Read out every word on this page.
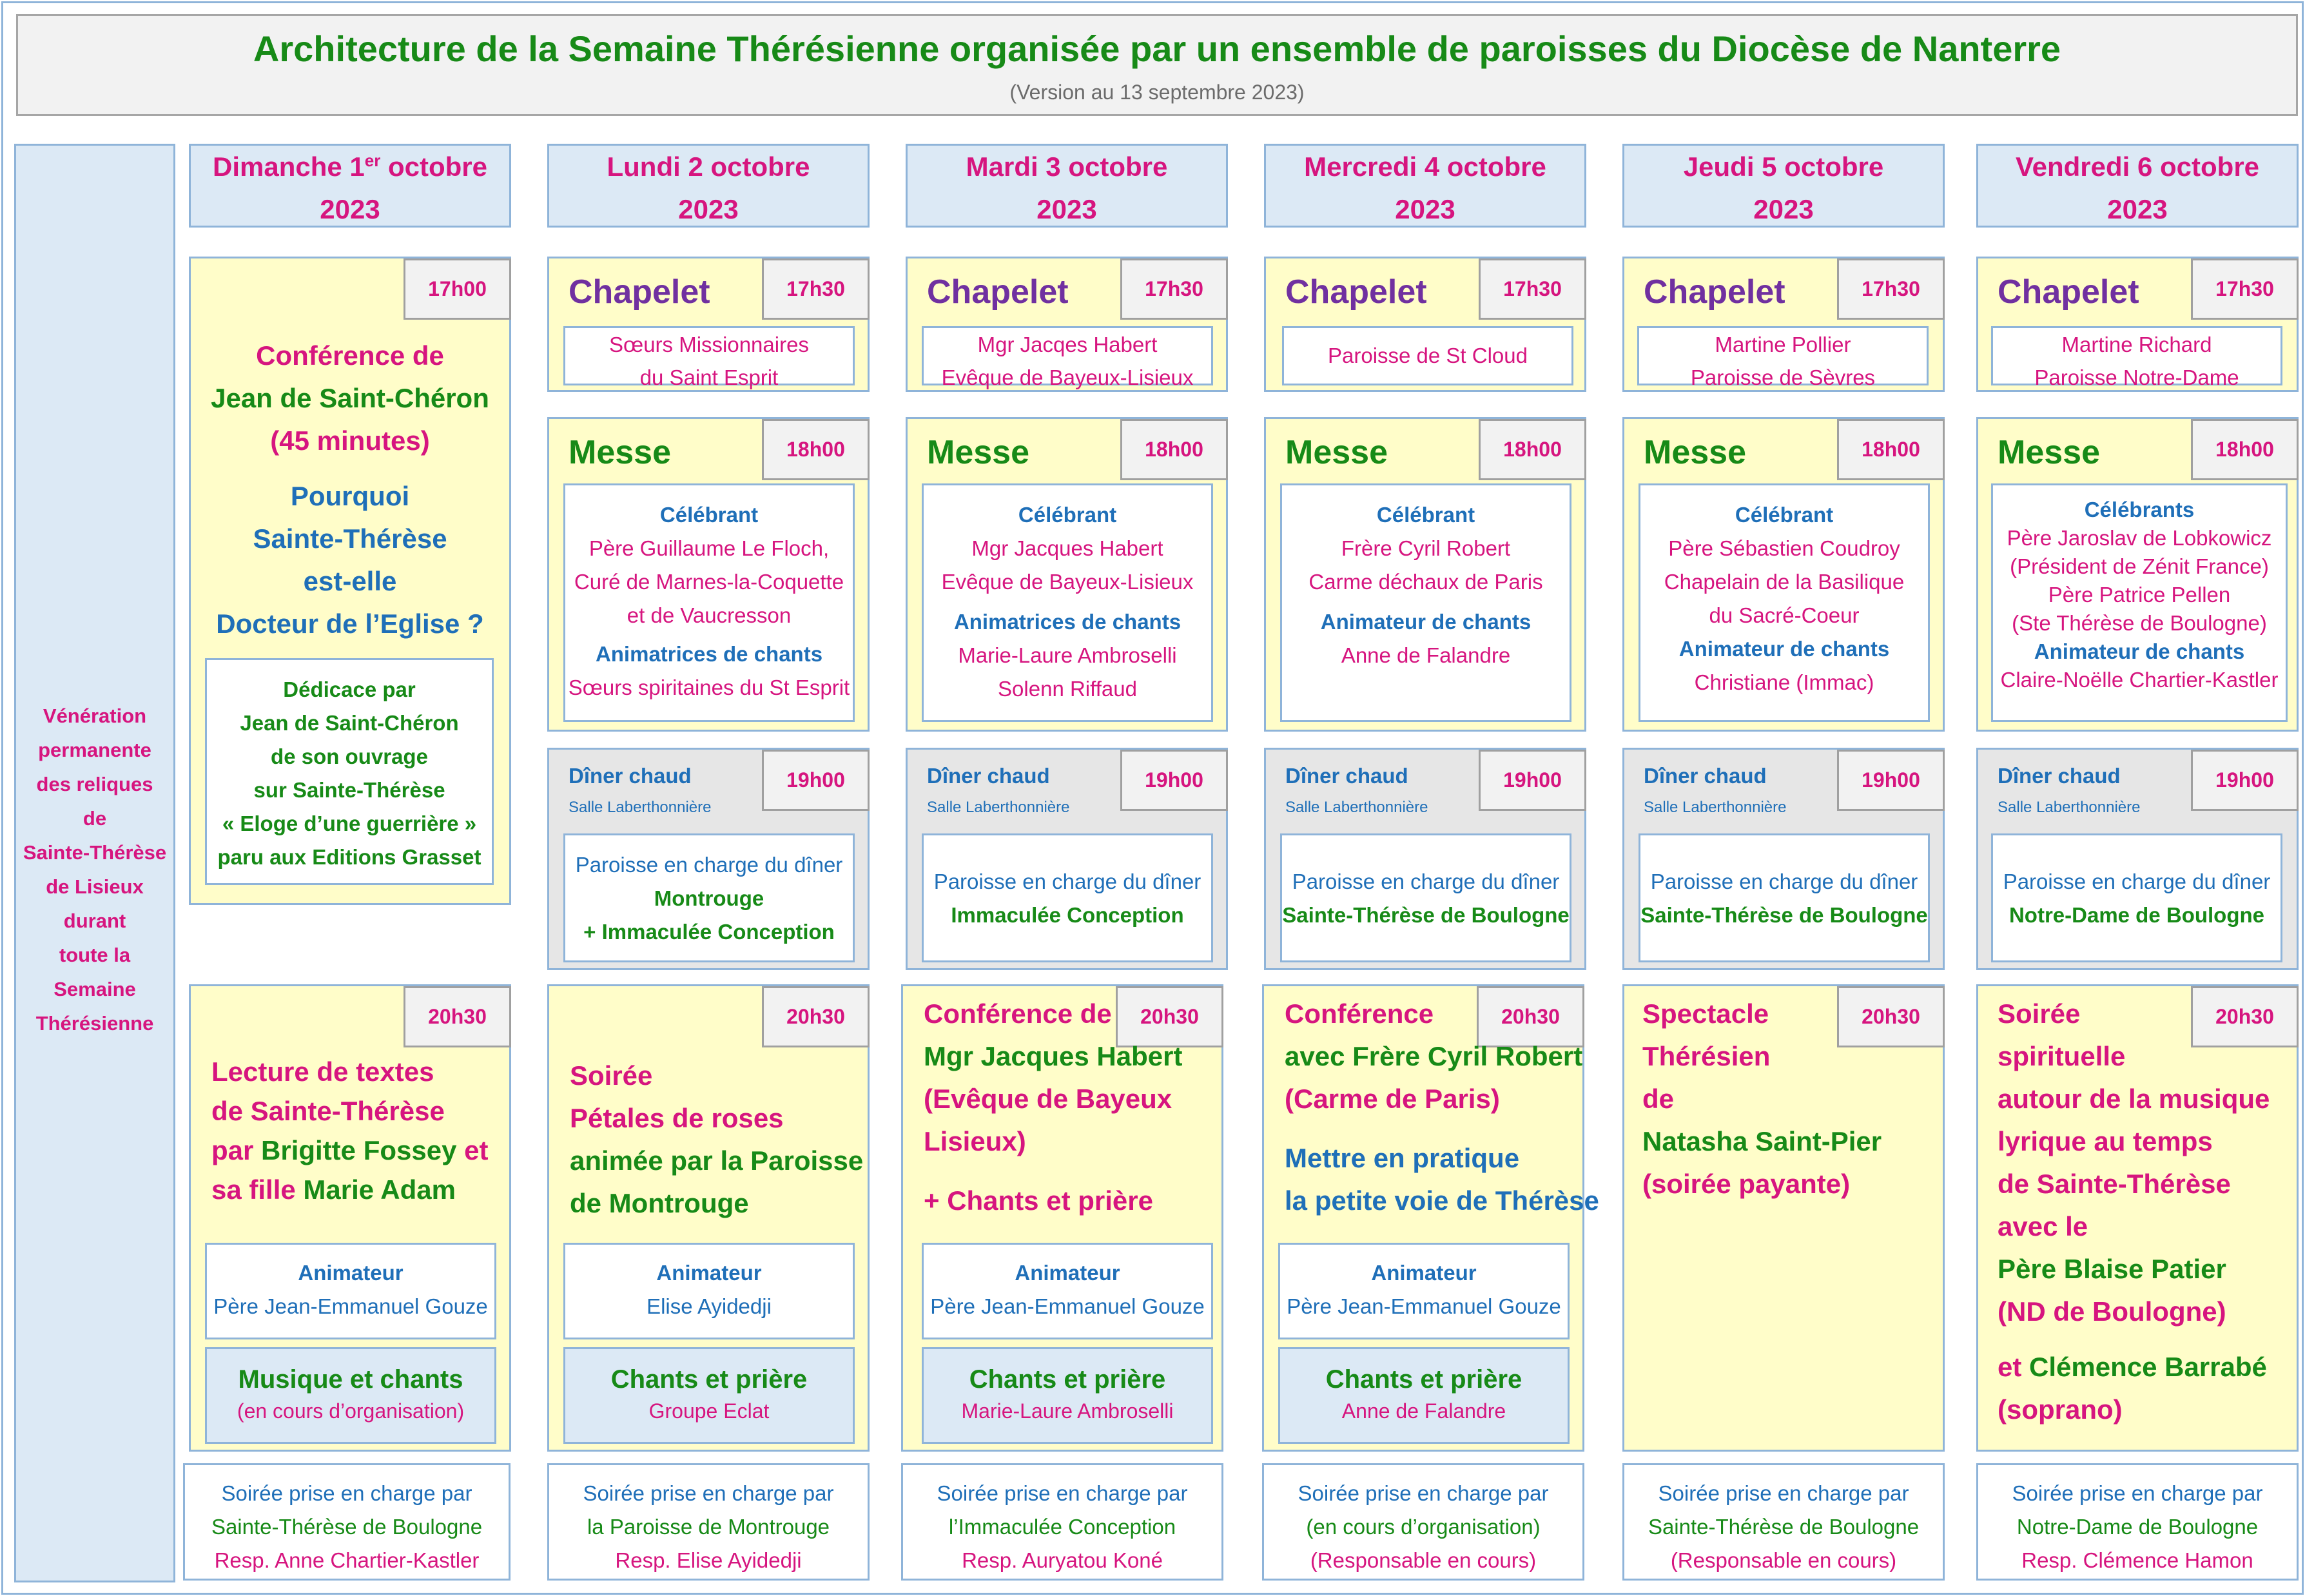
Architecture de la Semaine Thérésienne organisée par un ensemble de paroisses du Diocèse de Nanterre
(Version au 13 septembre 2023)
Vénération
permanente
des reliques
de
Sainte-Thérèse
de Lisieux
durant
toute la
Semaine
Thérésienne
Dimanche 1er octobre
2023
Lundi 2 octobre
2023
Mardi 3 octobre
2023
Mercredi 4 octobre
2023
Jeudi 5 octobre
2023
Vendredi 6 octobre
2023
17h00
Conférence de
Jean de Saint-Chéron
(45 minutes)
Pourquoi
Sainte-Thérèse
est-elle
Docteur de l’Eglise ?
Dédicace par
Jean de Saint-Chéron
de son ouvrage
sur Sainte-Thérèse
« Eloge d’une guerrière »
paru aux Editions Grasset
Chapelet	17h30
Sœurs Missionnaires
du Saint Esprit
Chapelet	17h30
Mgr Jacqes Habert
Evêque de Bayeux-Lisieux
Chapelet	17h30
Paroisse de St Cloud
Chapelet	17h30
Martine Pollier
Paroisse de Sèvres
Chapelet	17h30
Martine Richard
Paroisse Notre-Dame
Messe	18h00
Célébrant
Père Guillaume Le Floch,
Curé de Marnes-la-Coquette
et de Vaucresson
Animatrices de chants
Sœurs spiritaines du St Esprit
Messe	18h00
Célébrant
Mgr Jacques Habert
Evêque de Bayeux-Lisieux
Animatrices de chants
Marie-Laure Ambroselli
Solenn Riffaud
Messe	18h00
Célébrant
Frère Cyril Robert
Carme déchaux de Paris
Animateur de chants
Anne de Falandre
Messe	18h00
Célébrant
Père Sébastien Coudroy
Chapelain de la Basilique
du Sacré-Coeur
Animateur de chants
Christiane (Immac)
Messe	18h00
Célébrants
Père Jaroslav de Lobkowicz
(Président de Zénit France)
Père Patrice Pellen
(Ste Thérèse de Boulogne)
Animateur de chants
Claire-Noëlle Chartier-Kastler
Dîner chaud
Salle Laberthonnière
19h00
Paroisse en charge du dîner
Montrouge
+ Immaculée Conception
Dîner chaud
Salle Laberthonnière
19h00
Paroisse en charge du dîner
Immaculée Conception
Dîner chaud
Salle Laberthonnière
19h00
Paroisse en charge du dîner
Sainte-Thérèse de Boulogne
Dîner chaud
Salle Laberthonnière
19h00
Paroisse en charge du dîner
Sainte-Thérèse de Boulogne
Dîner chaud
Salle Laberthonnière
19h00
Paroisse en charge du dîner
Notre-Dame de Boulogne
20h30
Lecture de textes
de Sainte-Thérèse
par Brigitte Fossey et
sa fille Marie Adam
Animateur
Père Jean-Emmanuel Gouze
Musique et chants
(en cours d’organisation)
20h30
Soirée
Pétales de roses
animée par la Paroisse
de Montrouge
Animateur
Elise Ayidedji
Chants et prière
Groupe Eclat
20h30
Conférence de
Mgr Jacques Habert
(Evêque de Bayeux
Lisieux)
+ Chants et prière
Animateur
Père Jean-Emmanuel Gouze
Chants et prière
Marie-Laure Ambroselli
20h30
Conférence
avec Frère Cyril Robert
(Carme de Paris)
Mettre en pratique
la petite voie de Thérèse
Animateur
Père Jean-Emmanuel Gouze
Chants et prière
Anne de Falandre
20h30
Spectacle
Thérésien
de
Natasha Saint-Pier
(soirée payante)
20h30
Soirée
spirituelle
autour de la musique
lyrique au temps
de Sainte-Thérèse
avec le
Père Blaise Patier
(ND de Boulogne)
et Clémence Barrabé
(soprano)
Soirée prise en charge par
Sainte-Thérèse de Boulogne
Resp. Anne Chartier-Kastler
Soirée prise en charge par
la Paroisse de Montrouge
Resp. Elise Ayidedji
Soirée prise en charge par
l’Immaculée Conception
Resp. Auryatou Koné
Soirée prise en charge par
(en cours d’organisation)
(Responsable en cours)
Soirée prise en charge par
Sainte-Thérèse de Boulogne
(Responsable en cours)
Soirée prise en charge par
Notre-Dame de Boulogne
Resp. Clémence Hamon
